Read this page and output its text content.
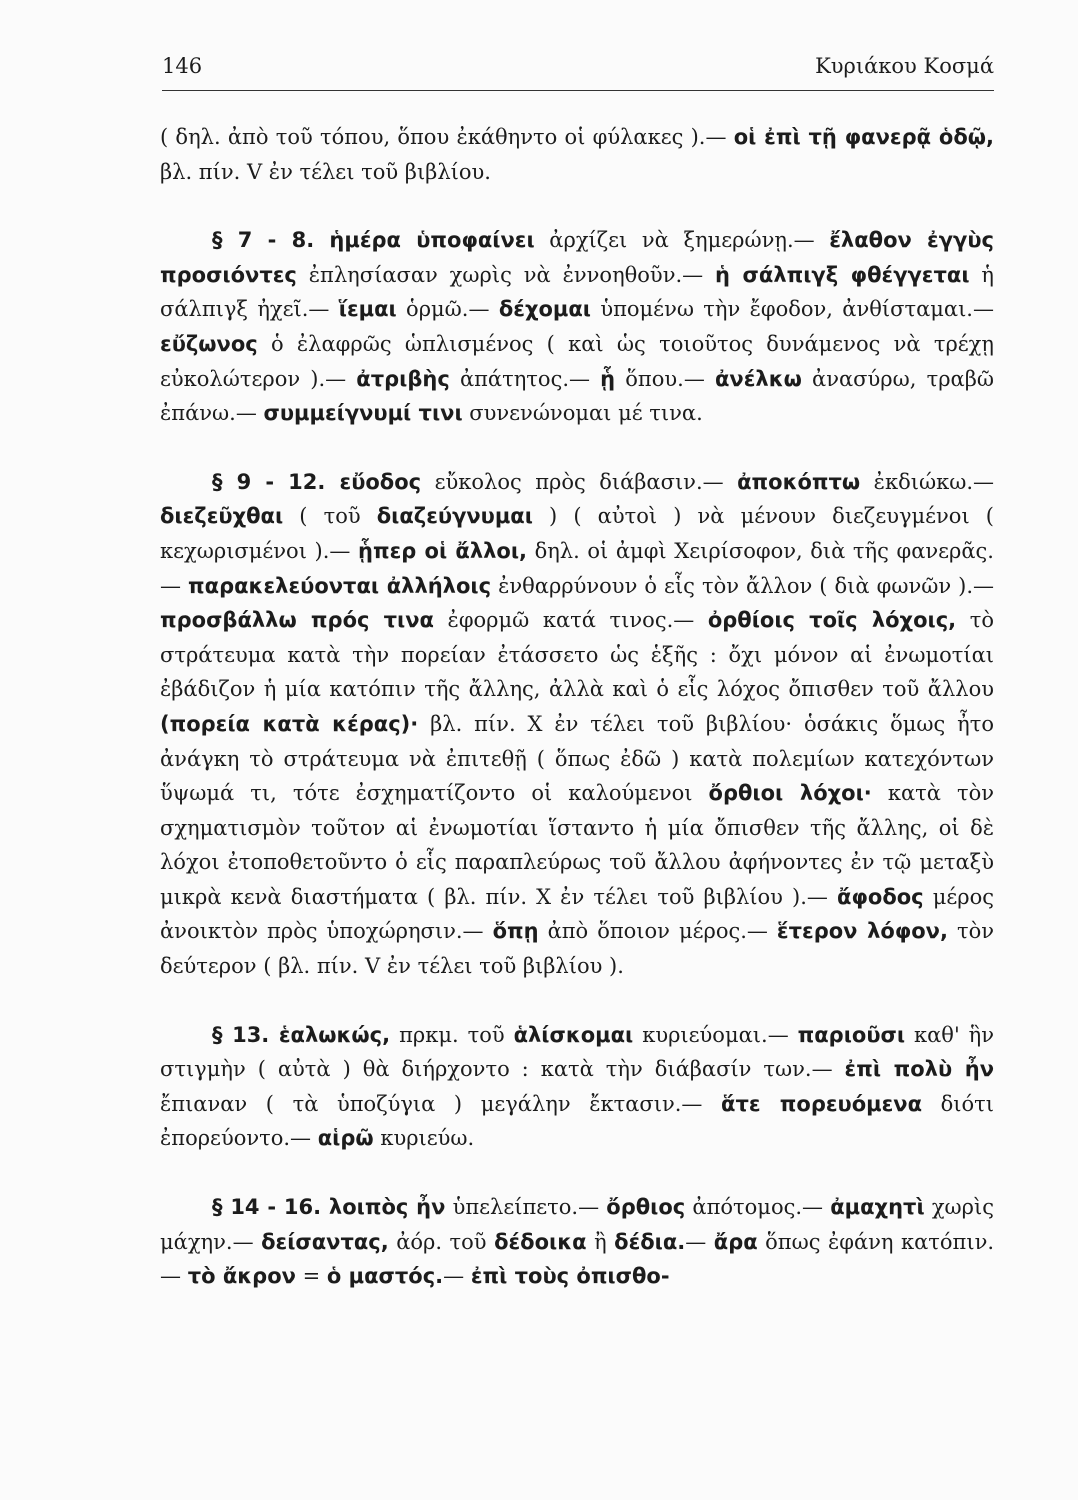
146	Κυριάκου Κοσμά

( δηλ. ἀπὸ τοῦ τόπου, ὅπου ἐκάθηντο οἱ φύλακες ).— οἱ ἐπὶ τῇ φανερᾷ ὁδῷ, βλ. πίν. V ἐν τέλει τοῦ βιβλίου.

§ 7 - 8. ἡμέρα ὑποφαίνει ἀρχίζει νὰ ξημερώνῃ.— ἔλαθον ἐγγὺς προσιόντες ἐπλησίασαν χωρὶς νὰ ἐννοηθοῦν.— ἡ σάλπιγξ φθέγγεται ἡ σάλπιγξ ἠχεῖ.— ἵεμαι ὁρμῶ.— δέχομαι ὑπομένω τὴν ἔφοδον, ἀνθίσταμαι.— εὔζωνος ὁ ἐλαφρῶς ὡπλισμένος ( καὶ ὡς τοιοῦτος δυνάμενος νὰ τρέχῃ εὐκολώτερον ).— ἀτριβὴς ἀπάτητος.— ᾗ ὅπου.— ἀνέλκω ἀνασύρω, τραβῶ ἐπάνω.— συμμείγνυμί τινι συνενώνομαι μέ τινα.

§ 9 - 12. εὔοδος εὔκολος πρὸς διάβασιν.— ἀποκόπτω ἐκδιώκω.— διεζεῦχθαι ( τοῦ διαζεύγνυμαι ) ( αὐτοὶ ) νὰ μένουν διεζευγμένοι ( κεχωρισμένοι ).— ᾗπερ οἱ ἄλλοι, δηλ. οἱ ἀμφὶ Χειρίσοφον, διὰ τῆς φανερᾶς.— παρακελεύονται ἀλλήλοις ἐνθαρρύνουν ὁ εἷς τὸν ἄλλον ( διὰ φωνῶν ).— προσβάλλω πρός τινα ἐφορμῶ κατά τινος.— ὀρθίοις τοῖς λόχοις, τὸ στράτευμα κατὰ τὴν πορείαν ἐτάσσετο ὡς ἑξῆς : ὄχι μόνον αἱ ἐνωμοτίαι ἐβάδιζον ἡ μία κατόπιν τῆς ἄλλης, ἀλλὰ καὶ ὁ εἷς λόχος ὄπισθεν τοῦ ἄλλου (πορεία κατὰ κέρας)· βλ. πίν. X ἐν τέλει τοῦ βιβλίου· ὁσάκις ὅμως ἦτο ἀνάγκη τὸ στράτευμα νὰ ἐπιτεθῇ ( ὅπως ἐδῶ ) κατὰ πολεμίων κατεχόντων ὕψωμά τι, τότε ἐσχηματίζοντο οἱ καλούμενοι ὄρθιοι λόχοι· κατὰ τὸν σχηματισμὸν τοῦτον αἱ ἐνωμοτίαι ἵσταντο ἡ μία ὄπισθεν τῆς ἄλλης, οἱ δὲ λόχοι ἐτοποθετοῦντο ὁ εἷς παραπλεύρως τοῦ ἄλλου ἀφήνοντες ἐν τῷ μεταξὺ μικρὰ κενὰ διαστήματα ( βλ. πίν. X ἐν τέλει τοῦ βιβλίου ).— ἄφοδος μέρος ἀνοικτὸν πρὸς ὑποχώρησιν.— ὅπῃ ἀπὸ ὅποιον μέρος.— ἕτερον λόφον, τὸν δεύτερον ( βλ. πίν. V ἐν τέλει τοῦ βιβλίου ).

§ 13. ἑαλωκώς, πρκμ. τοῦ ἁλίσκομαι κυριεύομαι.— παριοῦσι καθ' ἣν στιγμὴν ( αὐτὰ ) θὰ διήρχοντο : κατὰ τὴν διάβασίν των.— ἐπὶ πολὺ ἦν ἔπιαναν ( τὰ ὑποζύγια ) μεγάλην ἔκτασιν.— ἅτε πορευόμενα διότι ἐπορεύοντο.— αἱρῶ κυριεύω.

§ 14 - 16. λοιπὸς ἦν ὑπελείπετο.— ὄρθιος ἀπότομος.— ἀμαχητὶ χωρὶς μάχην.— δείσαντας, ἀόρ. τοῦ δέδοικα ἢ δέδια.— ἄρα ὅπως ἐφάνη κατόπιν.— τὸ ἄκρον = ὁ μαστός.— ἐπὶ τοὺς ὀπισθο-
